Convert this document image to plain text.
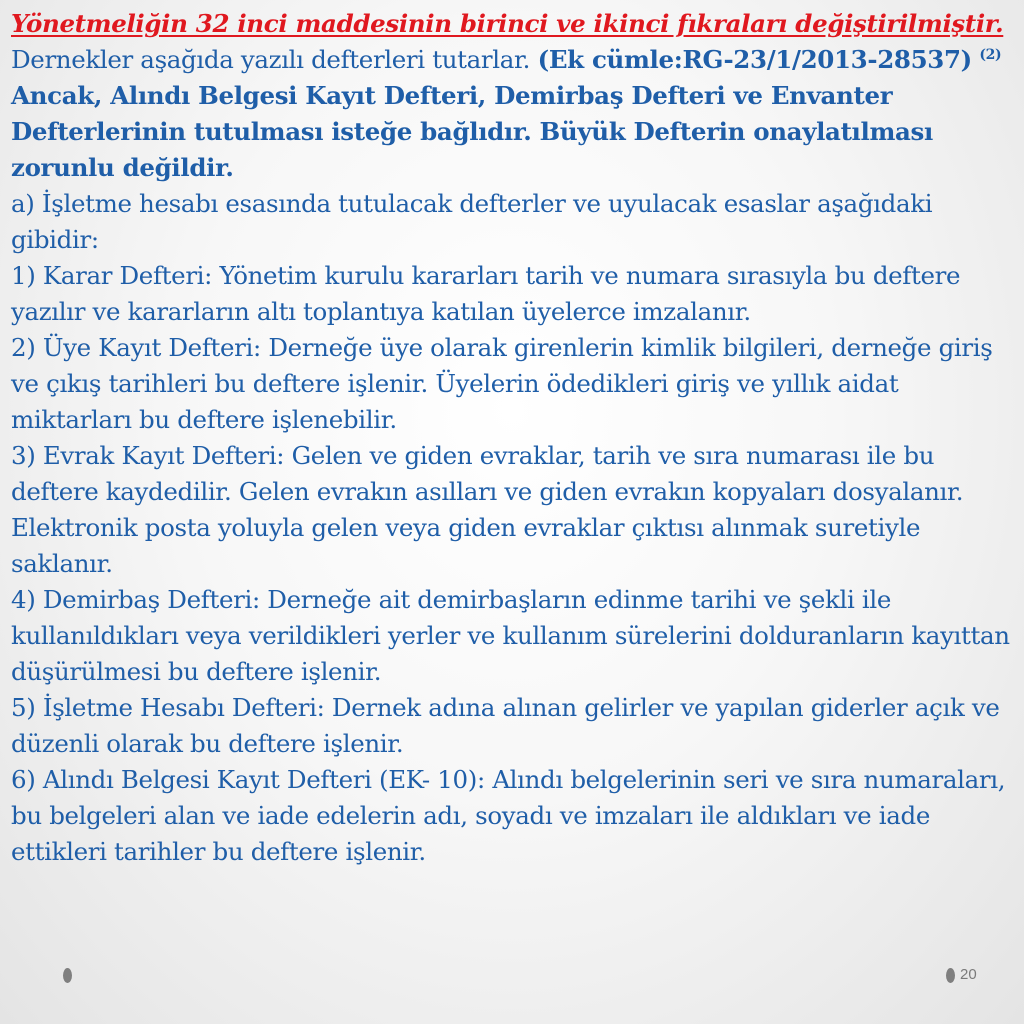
Yönetmeliğin 32 inci maddesinin birinci ve ikinci fıkraları değiştirilmiştir.

Dernekler aşağıda yazılı defterleri tutarlar. (Ek cümle:RG-23/1/2013-28537) $^{(2)}$ Ancak, Alındı Belgesi Kayıt Defteri, Demirbaş Defteri ve Envanter Defterlerinin tutulması isteğe bağlıdır. Büyük Defterin onaylatılması zorunlu değildir.

a) İşletme hesabı esasında tutulacak defterler ve uyulacak esaslar aşağıdaki gibidir:

1) Karar Defteri: Yönetim kurulu kararları tarih ve numara sırasıyla bu deftere yazılır ve kararların altı toplantıya katılan üyelerce imzalanır.

2) Üye Kayıt Defteri: Derneğe üye olarak girenlerin kimlik bilgileri, derneğe giriş ve çıkış tarihleri bu deftere işlenir. Üyelerin ödedikleri giriş ve yıllık aidat miktarları bu deftere işlenebilir.

3) Evrak Kayıt Defteri: Gelen ve giden evraklar, tarih ve sıra numarası ile bu deftere kaydedilir. Gelen evrakın asılları ve giden evrakın kopyaları dosyalanır. Elektronik posta yoluyla gelen veya giden evraklar çıktısı alınmak suretiyle saklanır.

4) Demirbaş Defteri: Derneğe ait demirbaşların edinme tarihi ve şekli ile kullanıldıkları veya verildikleri yerler ve kullanım sürelerini dolduranların kayıttan düşürülmesi bu deftere işlenir.

5) İşletme Hesabı Defteri: Dernek adına alınan gelirler ve yapılan giderler açık ve düzenli olarak bu deftere işlenir.

6) Alındı Belgesi Kayıt Defteri (EK- 10): Alındı belgelerinin seri ve sıra numaraları, bu belgeleri alan ve iade edelerin adı, soyadı ve imzaları ile aldıkları ve iade ettikleri tarihler bu deftere işlenir.

20
